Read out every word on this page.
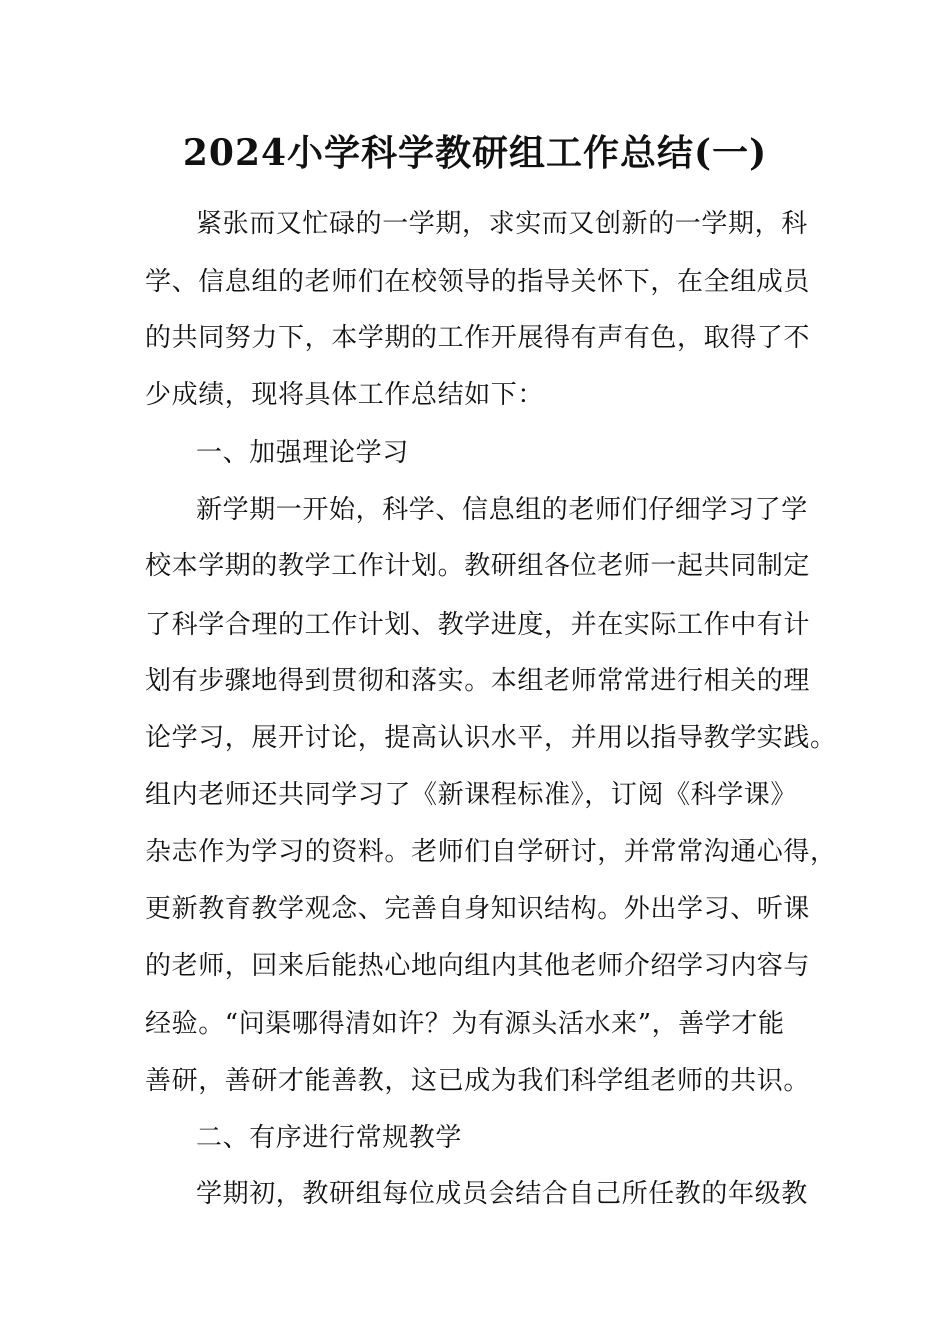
2024小学科学教研组工作总结(一)
紧张而又忙碌的一学期，求实而又创新的一学期，科
学、信息组的老师们在校领导的指导关怀下，在全组成员
的共同努力下，本学期的工作开展得有声有色，取得了不
少成绩，现将具体工作总结如下：
一、加强理论学习
新学期一开始，科学、信息组的老师们仔细学习了学
校本学期的教学工作计划。教研组各位老师一起共同制定
了科学合理的工作计划、教学进度，并在实际工作中有计
划有步骤地得到贯彻和落实。本组老师常常进行相关的理
论学习，展开讨论，提高认识水平，并用以指导教学实践。
组内老师还共同学习了《新课程标准》，订阅《科学课》
杂志作为学习的资料。老师们自学研讨，并常常沟通心得，
更新教育教学观念、完善自身知识结构。外出学习、听课
的老师，回来后能热心地向组内其他老师介绍学习内容与
经验。“问渠哪得清如许？为有源头活水来”，善学才能
善研，善研才能善教，这已成为我们科学组老师的共识。
二、有序进行常规教学
学期初，教研组每位成员会结合自己所任教的年级教
